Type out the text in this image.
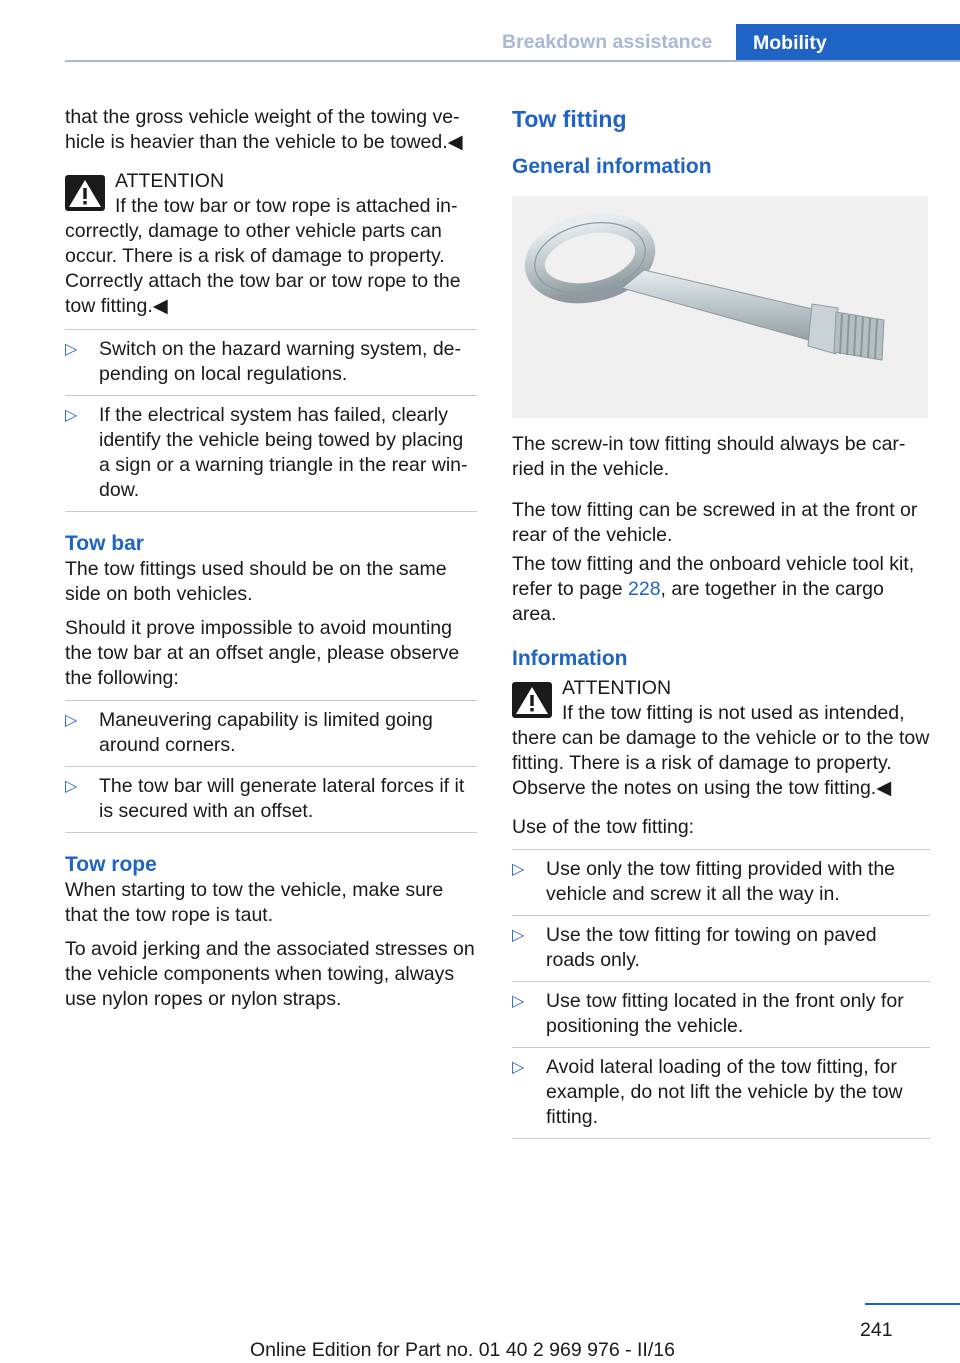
Breakdown assistance Mobility

that the gross vehicle weight of the towing vehicle is heavier than the vehicle to be towed.◀

ATTENTION
If the tow bar or tow rope is attached incorrectly, damage to other vehicle parts can occur. There is a risk of damage to property. Correctly attach the tow bar or tow rope to the tow fitting.◀
▷ Switch on the hazard warning system, depending on local regulations.
▷ If the electrical system has failed, clearly identify the vehicle being towed by placing a sign or a warning triangle in the rear window.
Tow bar

The tow fittings used should be on the same side on both vehicles.

Should it prove impossible to avoid mounting the tow bar at an offset angle, please observe the following:

▷ Maneuvering capability is limited going around corners.
▷ The tow bar will generate lateral forces if it is secured with an offset.
Tow rope

When starting to tow the vehicle, make sure that the tow rope is taut.

To avoid jerking and the associated stresses on the vehicle components when towing, always use nylon ropes or nylon straps.

Tow fitting
General information

The screw-in tow fitting should always be carried in the vehicle.

The tow fitting can be screwed in at the front or rear of the vehicle.

The tow fitting and the onboard vehicle tool kit, refer to page 228, are together in the cargo area.

Information
ATTENTION
If the tow fitting is not used as intended, there can be damage to the vehicle or to the tow fitting. There is a risk of damage to property. Observe the notes on using the tow fitting.◀

Use of the tow fitting:

▷ Use only the tow fitting provided with the vehicle and screw it all the way in.
▷ Use the tow fitting for towing on paved roads only.
▷ Use tow fitting located in the front only for positioning the vehicle.
▷ Avoid lateral loading of the tow fitting, for example, do not lift the vehicle by the tow fitting.
241
Online Edition for Part no. 01 40 2 969 976 - II/16
